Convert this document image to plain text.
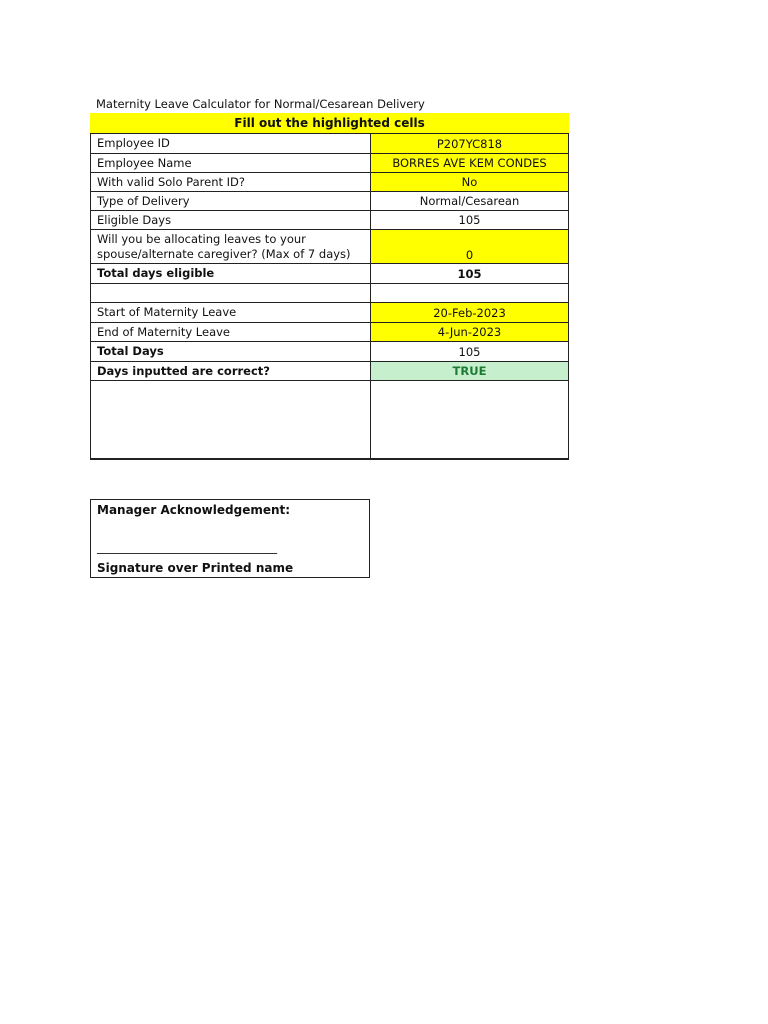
Maternity Leave Calculator for Normal/Cesarean Delivery
Fill out the highlighted cells
Employee ID	P207YC818
Employee Name	BORRES AVE KEM CONDES
With valid Solo Parent ID?	No
Type of Delivery	Normal/Cesarean
Eligible Days	105
Will you be allocating leaves to your spouse/alternate caregiver? (Max of 7 days)	0
Total days eligible	105
Start of Maternity Leave	20-Feb-2023
End of Maternity Leave	4-Jun-2023
Total Days	105
Days inputted are correct?	TRUE
Manager Acknowledgement:
______________________________
Signature over Printed name
